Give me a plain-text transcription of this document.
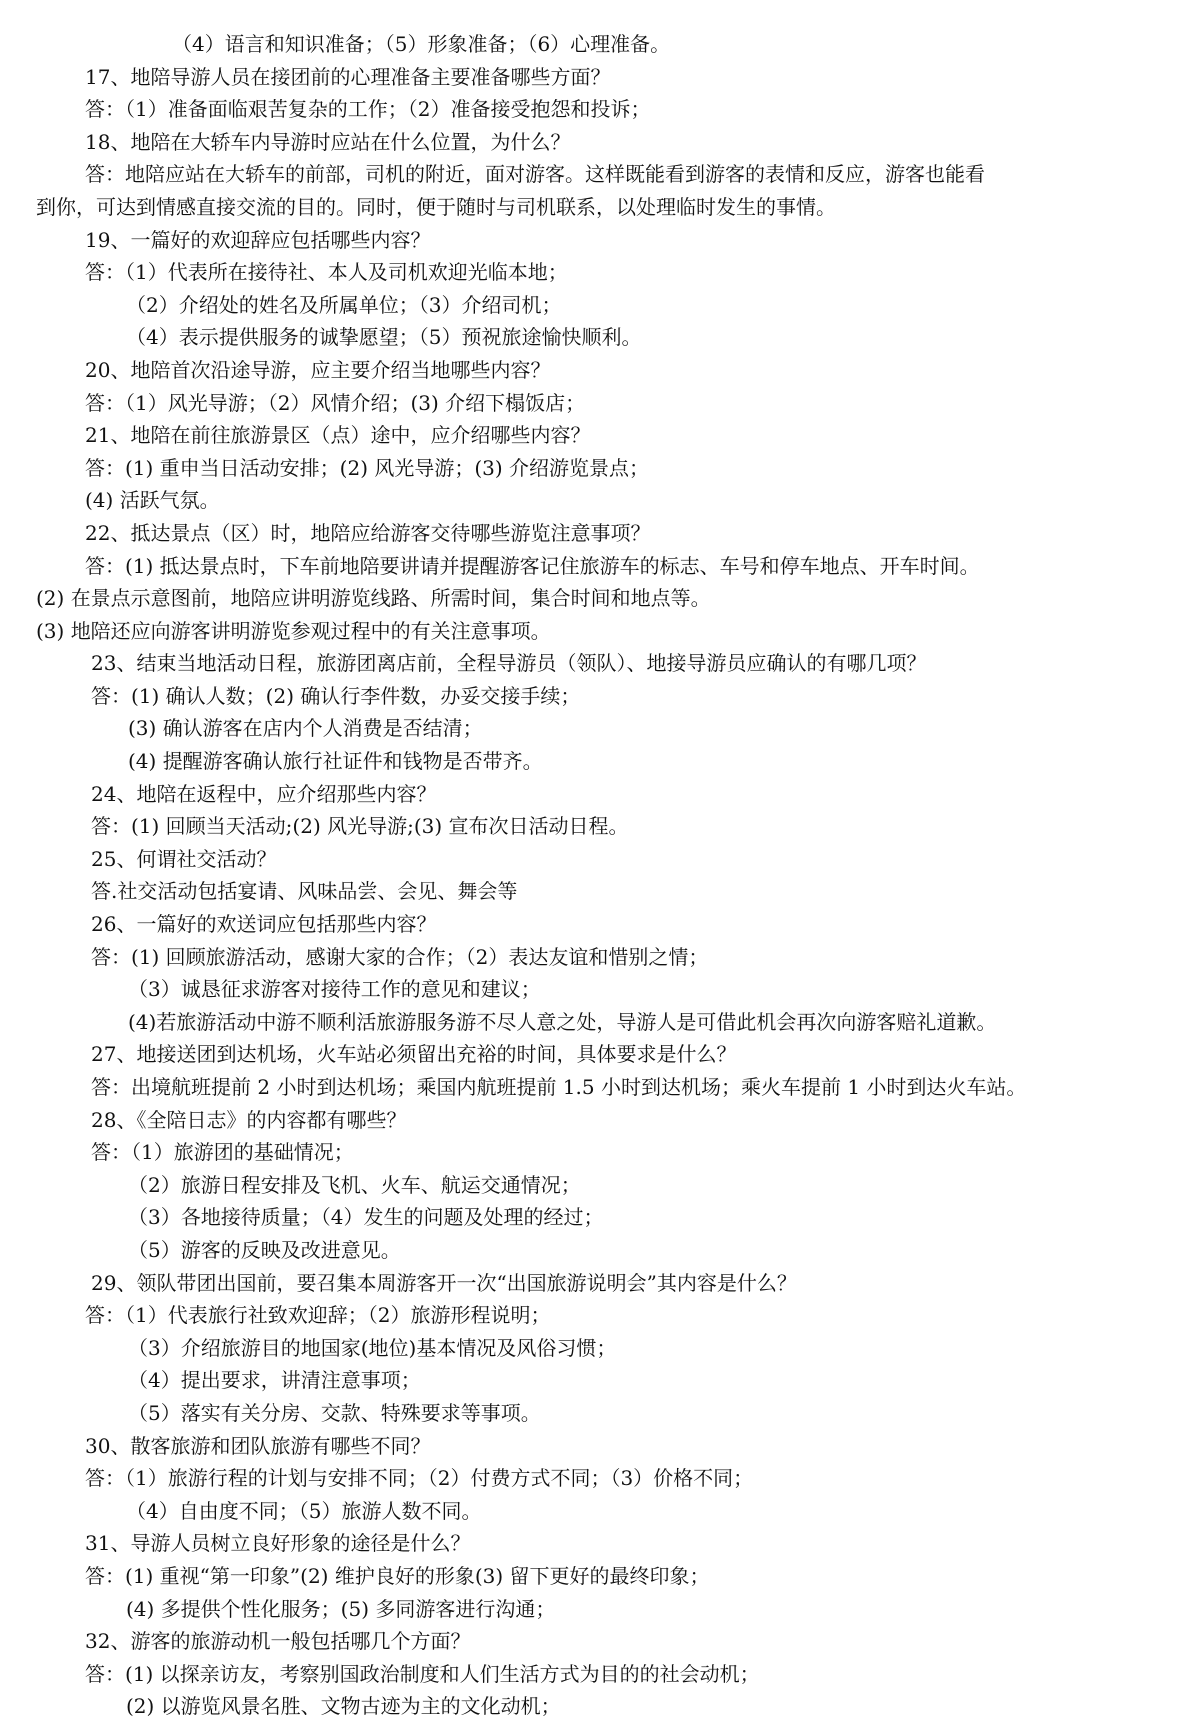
（4）语言和知识准备；（5）形象准备；（6）心理准备。
17、地陪导游人员在接团前的心理准备主要准备哪些方面？
答：（1）准备面临艰苦复杂的工作；（2）准备接受抱怨和投诉；
18、地陪在大轿车内导游时应站在什么位置，为什么？
答：地陪应站在大轿车的前部，司机的附近，面对游客。这样既能看到游客的表情和反应，游客也能看
到你，可达到情感直接交流的目的。同时，便于随时与司机联系，以处理临时发生的事情。
19、一篇好的欢迎辞应包括哪些内容？
答：（1）代表所在接待社、本人及司机欢迎光临本地；
（2）介绍处的姓名及所属单位；（3）介绍司机；
（4）表示提供服务的诚挚愿望；（5）预祝旅途愉快顺利。
20、地陪首次沿途导游，应主要介绍当地哪些内容？
答：（1）风光导游；（2）风情介绍；(3) 介绍下榻饭店；
21、地陪在前往旅游景区（点）途中，应介绍哪些内容？
答：(1) 重申当日活动安排；(2) 风光导游；(3) 介绍游览景点；
(4) 活跃气氛。
22、抵达景点（区）时，地陪应给游客交待哪些游览注意事项？
答：(1) 抵达景点时，下车前地陪要讲请并提醒游客记住旅游车的标志、车号和停车地点、开车时间。
(2) 在景点示意图前，地陪应讲明游览线路、所需时间，集合时间和地点等。
(3) 地陪还应向游客讲明游览参观过程中的有关注意事项。
23、结束当地活动日程，旅游团离店前，全程导游员（领队）、地接导游员应确认的有哪几项？
答：(1) 确认人数；(2) 确认行李件数，办妥交接手续；
(3) 确认游客在店内个人消费是否结清；
(4) 提醒游客确认旅行社证件和钱物是否带齐。
24、地陪在返程中，应介绍那些内容？
答：(1) 回顾当天活动;(2) 风光导游;(3) 宣布次日活动日程。
25、何谓社交活动？
答.社交活动包括宴请、风味品尝、会见、舞会等
26、一篇好的欢送词应包括那些内容？
答：(1) 回顾旅游活动，感谢大家的合作；（2）表达友谊和惜别之情；
（3）诚恳征求游客对接待工作的意见和建议；
(4)若旅游活动中游不顺利活旅游服务游不尽人意之处，导游人是可借此机会再次向游客赔礼道歉。
27、地接送团到达机场，火车站必须留出充裕的时间，具体要求是什么？
答：出境航班提前 2 小时到达机场；乘国内航班提前 1.5 小时到达机场；乘火车提前 1 小时到达火车站。
28、《全陪日志》的内容都有哪些？
答：（1）旅游团的基础情况；
（2）旅游日程安排及飞机、火车、航运交通情况；
（3）各地接待质量；（4）发生的问题及处理的经过；
（5）游客的反映及改进意见。
29、领队带团出国前，要召集本周游客开一次“出国旅游说明会”其内容是什么？
答：（1）代表旅行社致欢迎辞；（2）旅游形程说明；
（3）介绍旅游目的地国家(地位)基本情况及风俗习惯；
（4）提出要求，讲清注意事项；
（5）落实有关分房、交款、特殊要求等事项。
30、散客旅游和团队旅游有哪些不同？
答：（1）旅游行程的计划与安排不同；（2）付费方式不同；（3）价格不同；
（4）自由度不同；（5）旅游人数不同。
31、导游人员树立良好形象的途径是什么？
答：(1) 重视“第一印象”(2) 维护良好的形象(3) 留下更好的最终印象；
(4) 多提供个性化服务；(5) 多同游客进行沟通；
32、游客的旅游动机一般包括哪几个方面？
答：(1) 以探亲访友，考察别国政治制度和人们生活方式为目的的社会动机；
(2) 以游览风景名胜、文物古迹为主的文化动机；
